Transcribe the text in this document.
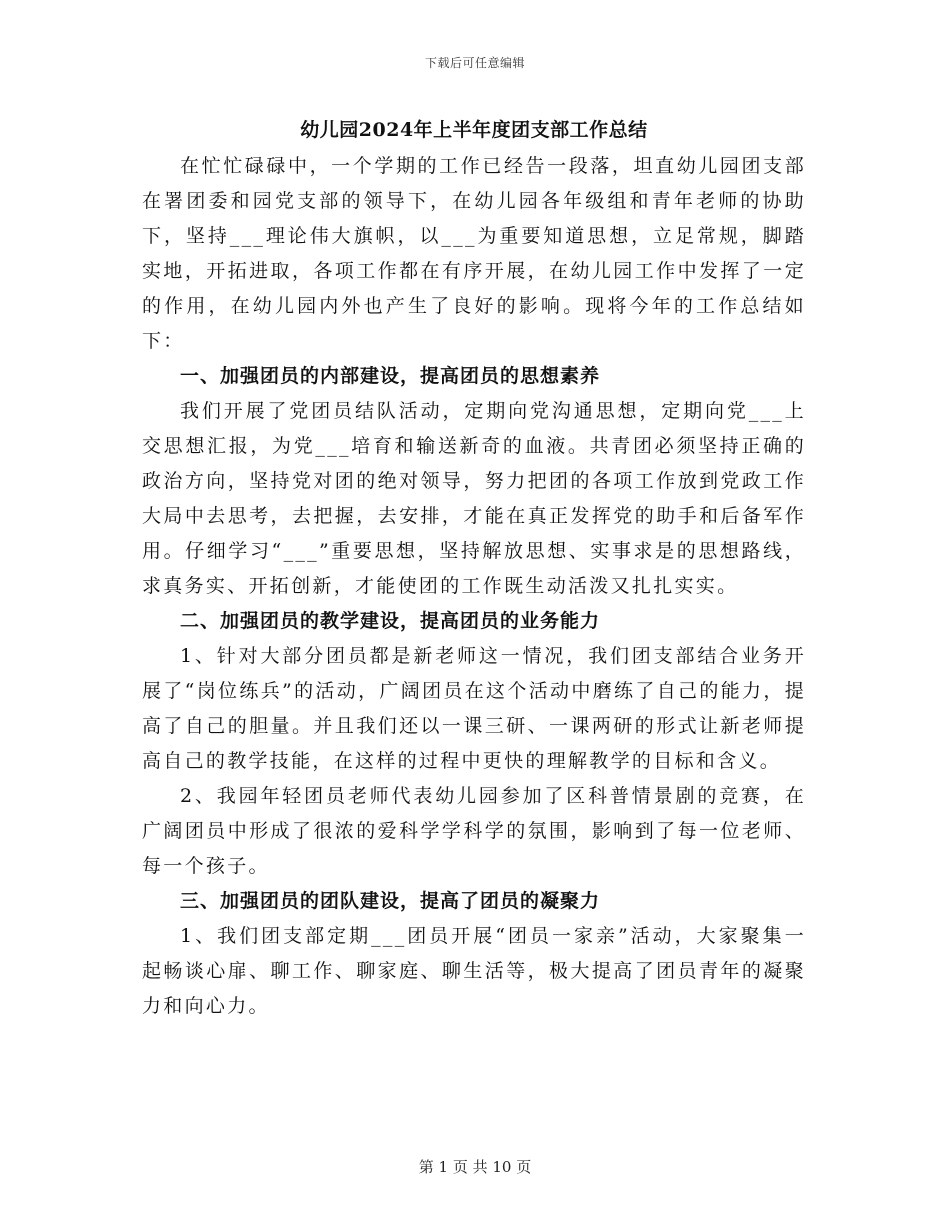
下载后可任意编辑
幼儿园2024年上半年度团支部工作总结

在忙忙碌碌中，一个学期的工作已经告一段落，坦直幼儿园团支部在署团委和园党支部的领导下，在幼儿园各年级组和青年老师的协助下，坚持___理论伟大旗帜，以___为重要知道思想，立足常规，脚踏实地，开拓进取，各项工作都在有序开展，在幼儿园工作中发挥了一定的作用，在幼儿园内外也产生了良好的影响。现将今年的工作总结如下：

一、加强团员的内部建设，提高团员的思想素养

我们开展了党团员结队活动，定期向党沟通思想，定期向党___上交思想汇报，为党___培育和输送新奇的血液。共青团必须坚持正确的政治方向，坚持党对团的绝对领导，努力把团的各项工作放到党政工作大局中去思考，去把握，去安排，才能在真正发挥党的助手和后备军作用。仔细学习“___”重要思想，坚持解放思想、实事求是的思想路线，求真务实、开拓创新，才能使团的工作既生动活泼又扎扎实实。

二、加强团员的教学建设，提高团员的业务能力

1、针对大部分团员都是新老师这一情况，我们团支部结合业务开展了“岗位练兵”的活动，广阔团员在这个活动中磨练了自己的能力，提高了自己的胆量。并且我们还以一课三研、一课两研的形式让新老师提高自己的教学技能，在这样的过程中更快的理解教学的目标和含义。

2、我园年轻团员老师代表幼儿园参加了区科普情景剧的竞赛，在广阔团员中形成了很浓的爱科学学科学的氛围，影响到了每一位老师、每一个孩子。

三、加强团员的团队建设，提高了团员的凝聚力

1、我们团支部定期___团员开展“团员一家亲”活动，大家聚集一起畅谈心扉、聊工作、聊家庭、聊生活等，极大提高了团员青年的凝聚力和向心力。

第 1 页 共 10 页
